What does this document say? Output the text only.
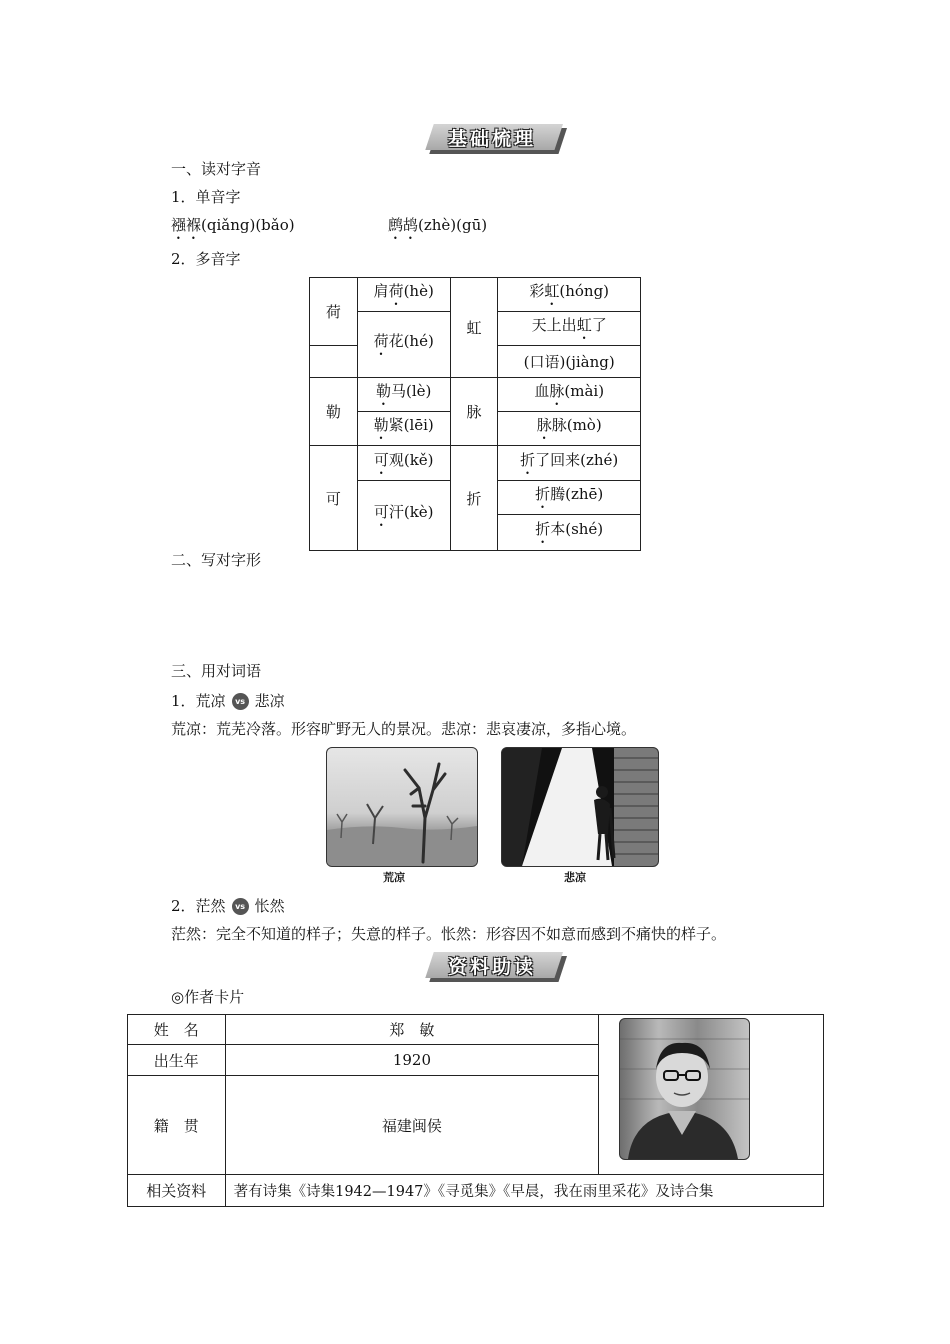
基础梳理
一、读对字音
1．单音字
襁褓(qiǎng)(bǎo)	鹧鸪(zhè)(gū)
2．多音字
荷	肩荷(hè)	虹	彩虹(hóng)
	荷花(hé)		天上出虹了
			(口语)(jiàng)
勒	勒马(lè)	脉	血脉(mài)
	勒紧(lēi)		脉脉(mò)
可	可观(kě)	折	折了回来(zhé)
	可汗(kè)		折腾(zhē)
			折本(shé)
二、写对字形
三、用对词语
1．荒凉 vs 悲凉
荒凉：荒芜冷落。形容旷野无人的景况。悲凉：悲哀凄凉，多指心境。
荒凉	悲凉
2．茫然 vs 怅然
茫然：完全不知道的样子；失意的样子。怅然：形容因不如意而感到不痛快的样子。
资料助读
◎作者卡片
姓　名	郑　敏	

出生年	1920	
籍　贯	福建闽侯	
相关资料	著有诗集《诗集1942—1947》《寻觅集》《早晨，我在雨里采花》及诗合集	
